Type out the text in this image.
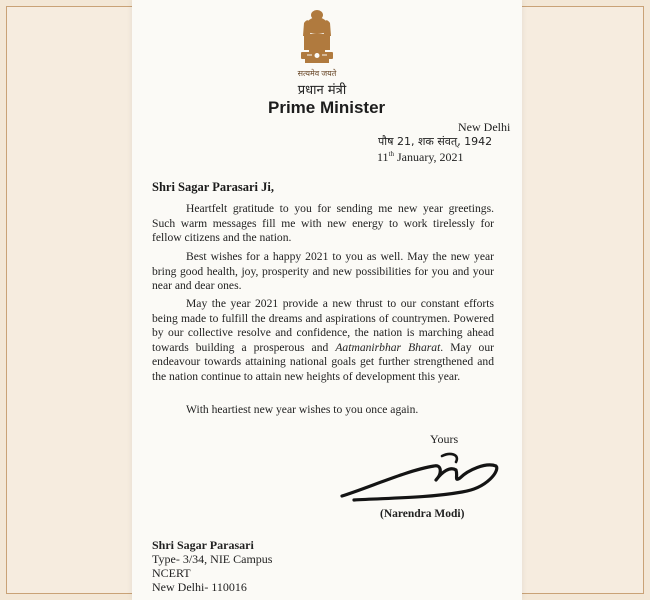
सत्यमेव जयते
प्रधान मंत्री
Prime Minister
New Delhi
पौष 21, शक संवत्, 1942
11th January, 2021
Shri Sagar Parasari Ji,

Heartfelt gratitude to you for sending me new year greetings. Such warm messages fill me with new energy to work tirelessly for fellow citizens and the nation.

Best wishes for a happy 2021 to you as well. May the new year bring good health, joy, prosperity and new possibilities for you and your near and dear ones.

May the year 2021 provide a new thrust to our constant efforts being made to fulfill the dreams and aspirations of countrymen. Powered by our collective resolve and confidence, the nation is marching ahead towards building a prosperous and Aatmanirbhar Bharat. May our endeavour towards attaining national goals get further strengthened and the nation continue to attain new heights of development this year.

With heartiest new year wishes to you once again.

Yours
(Narendra Modi)
Shri Sagar Parasari
Type- 3/34, NIE Campus
NCERT
New Delhi- 110016
